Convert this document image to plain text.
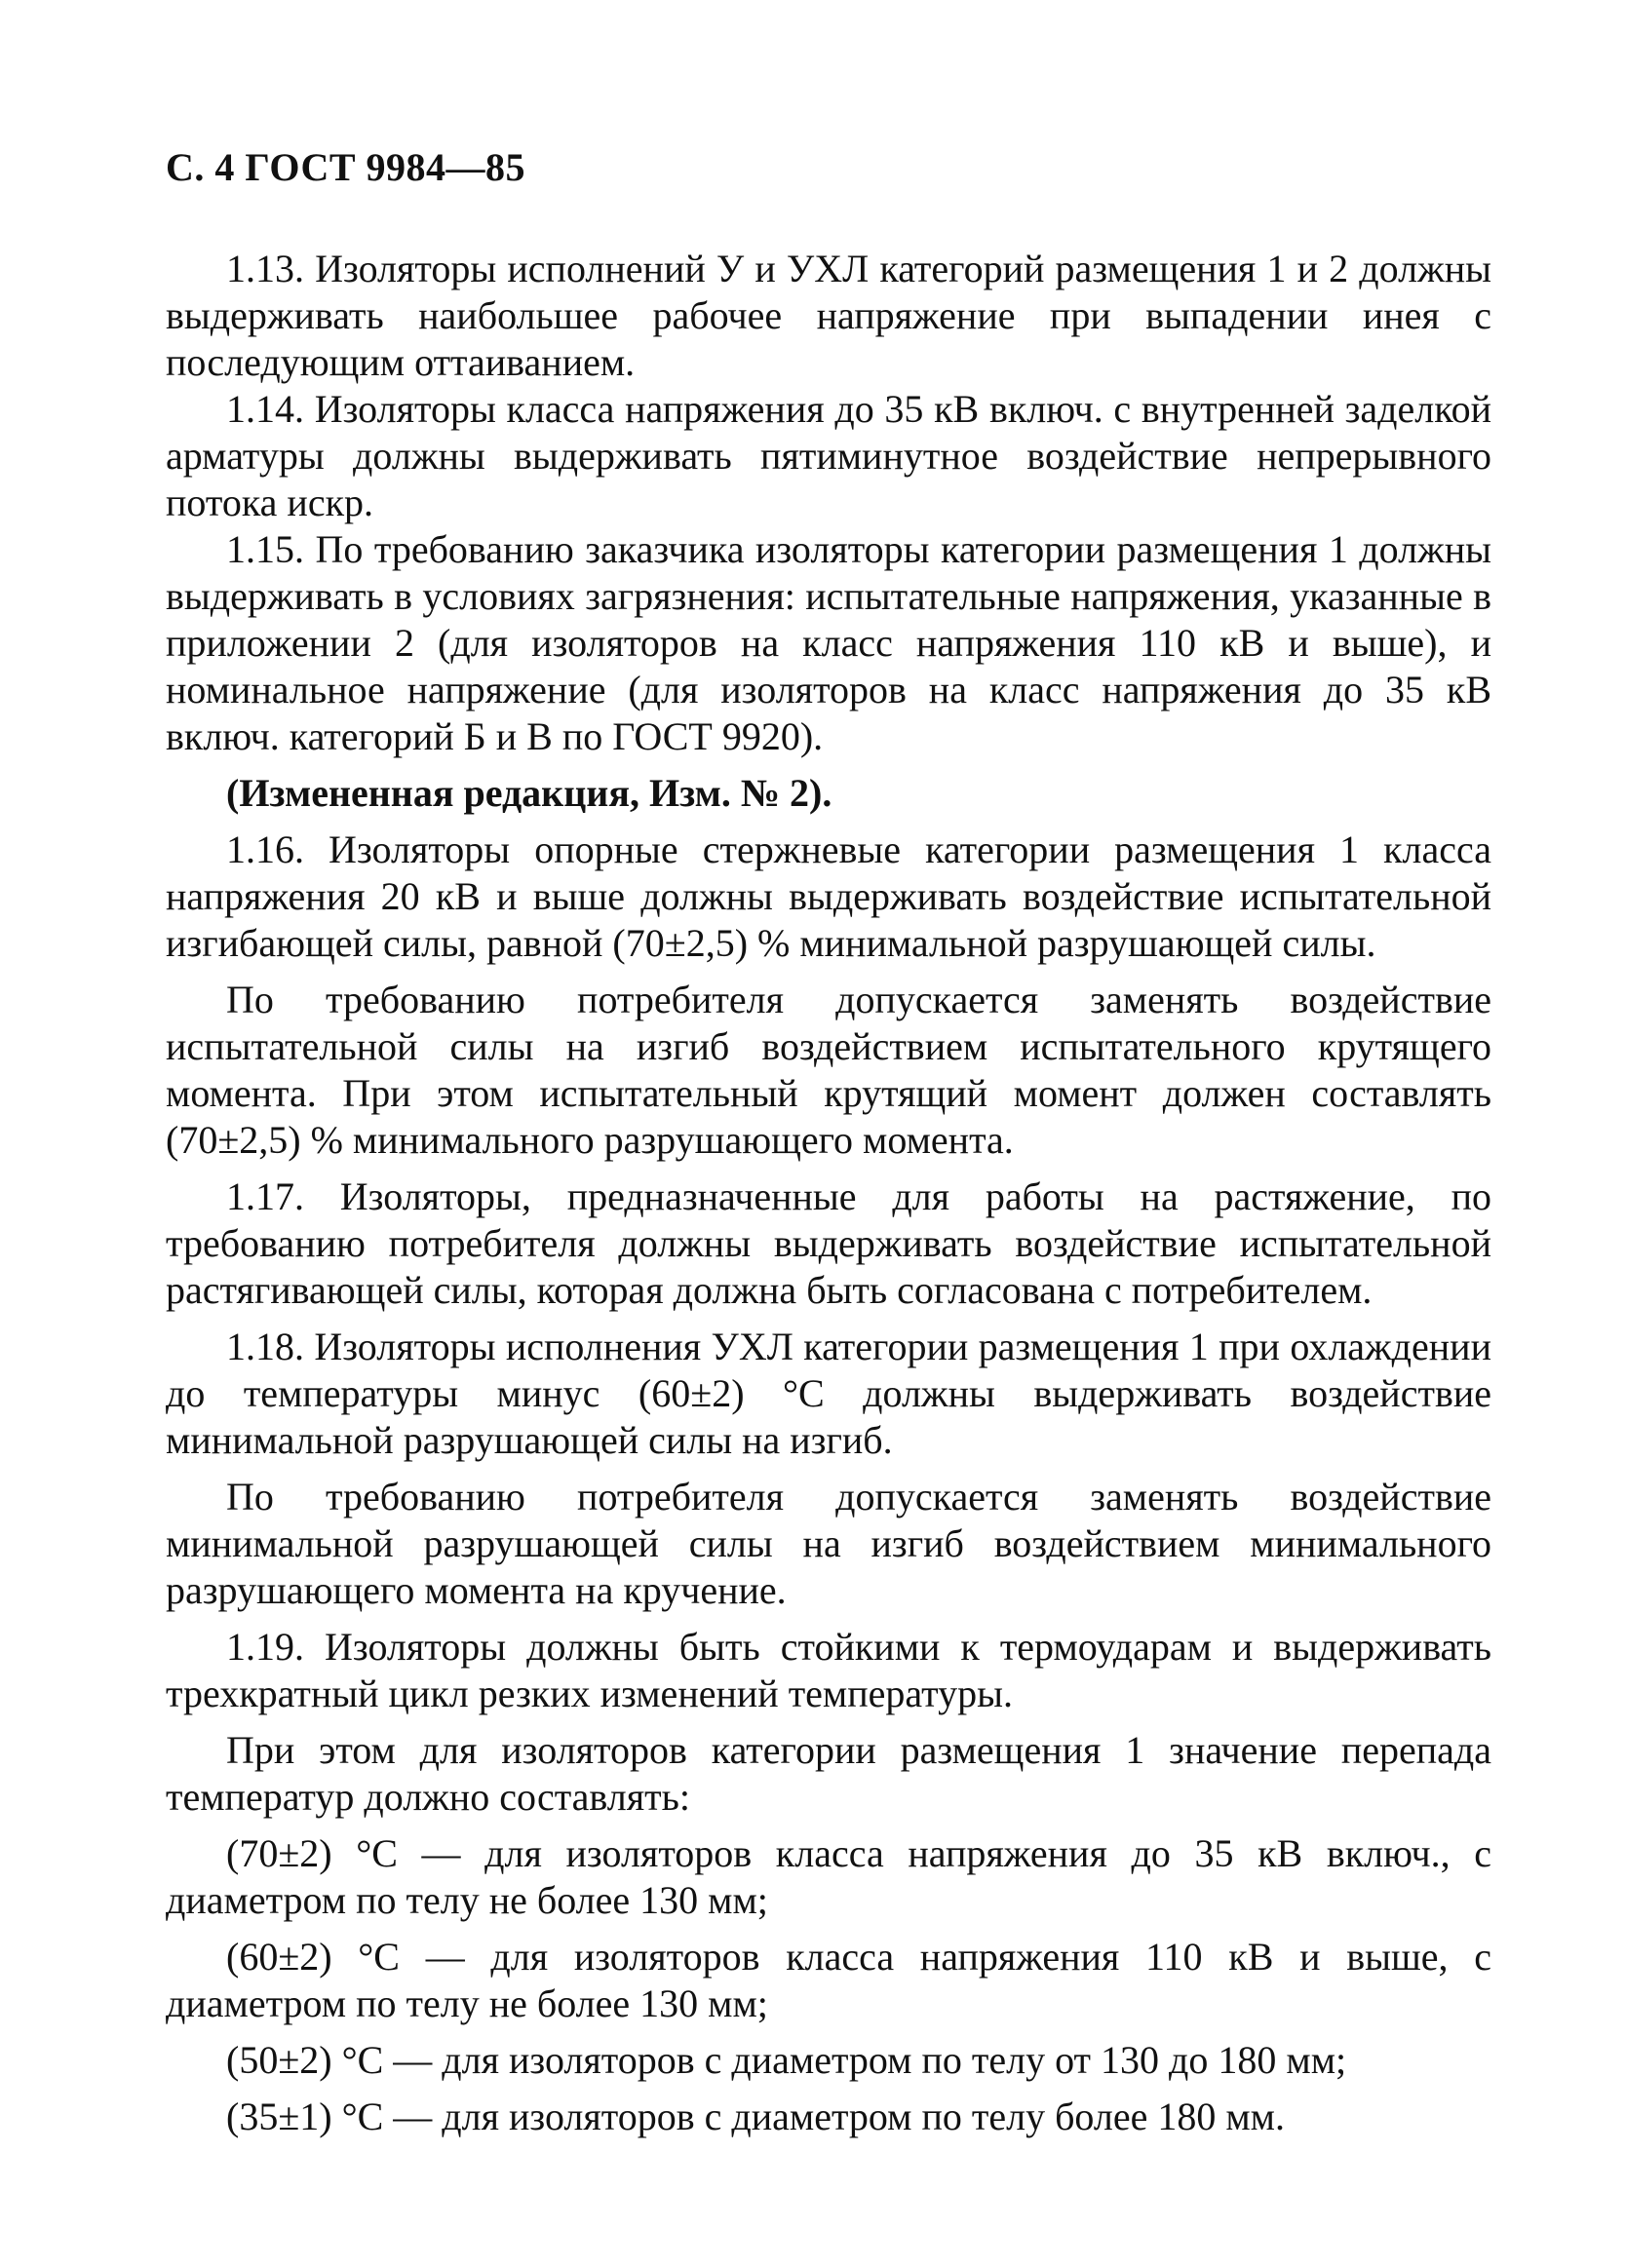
С. 4 ГОСТ 9984—85

1.13. Изоляторы исполнений У и УХЛ категорий размещения 1 и 2 должны выдерживать наибольшее рабочее напряжение при выпадении инея с последующим оттаиванием.

1.14. Изоляторы класса напряжения до 35 кВ включ. с внутренней заделкой арматуры должны выдерживать пятиминутное воздействие непрерывного потока искр.

1.15. По требованию заказчика изоляторы категории размещения 1 должны выдерживать в условиях загрязнения: испытательные напряжения, указанные в приложении 2 (для изоляторов на класс напряжения 110 кВ и выше), и номинальное напряжение (для изоляторов на класс напряжения до 35 кВ включ. категорий Б и В по ГОСТ 9920).

(Измененная редакция, Изм. № 2).

1.16. Изоляторы опорные стержневые категории размещения 1 класса напряжения 20 кВ и выше должны выдерживать воздействие испытательной изгибающей силы, равной (70±2,5) % минимальной разрушающей силы.

По требованию потребителя допускается заменять воздействие испытательной силы на изгиб воздействием испытательного крутящего момента. При этом испытательный крутящий момент должен составлять (70±2,5) % минимального разрушающего момента.

1.17. Изоляторы, предназначенные для работы на растяжение, по требованию потребителя должны выдерживать воздействие испытательной растягивающей силы, которая должна быть согласована с потребителем.

1.18. Изоляторы исполнения УХЛ категории размещения 1 при охлаждении до температуры минус (60±2) °С должны выдерживать воздействие минимальной разрушающей силы на изгиб.

По требованию потребителя допускается заменять воздействие минимальной разрушающей силы на изгиб воздействием минимального разрушающего момента на кручение.

1.19. Изоляторы должны быть стойкими к термоударам и выдерживать трехкратный цикл резких изменений температуры.

При этом для изоляторов категории размещения 1 значение перепада температур должно составлять:

(70±2) °С — для изоляторов класса напряжения до 35 кВ включ., с диаметром по телу не более 130 мм;

(60±2) °С — для изоляторов класса напряжения 110 кВ и выше, с диаметром по телу не более 130 мм;

(50±2) °С — для изоляторов с диаметром по телу от 130 до 180 мм;

(35±1) °С — для изоляторов с диаметром по телу более 180 мм.
